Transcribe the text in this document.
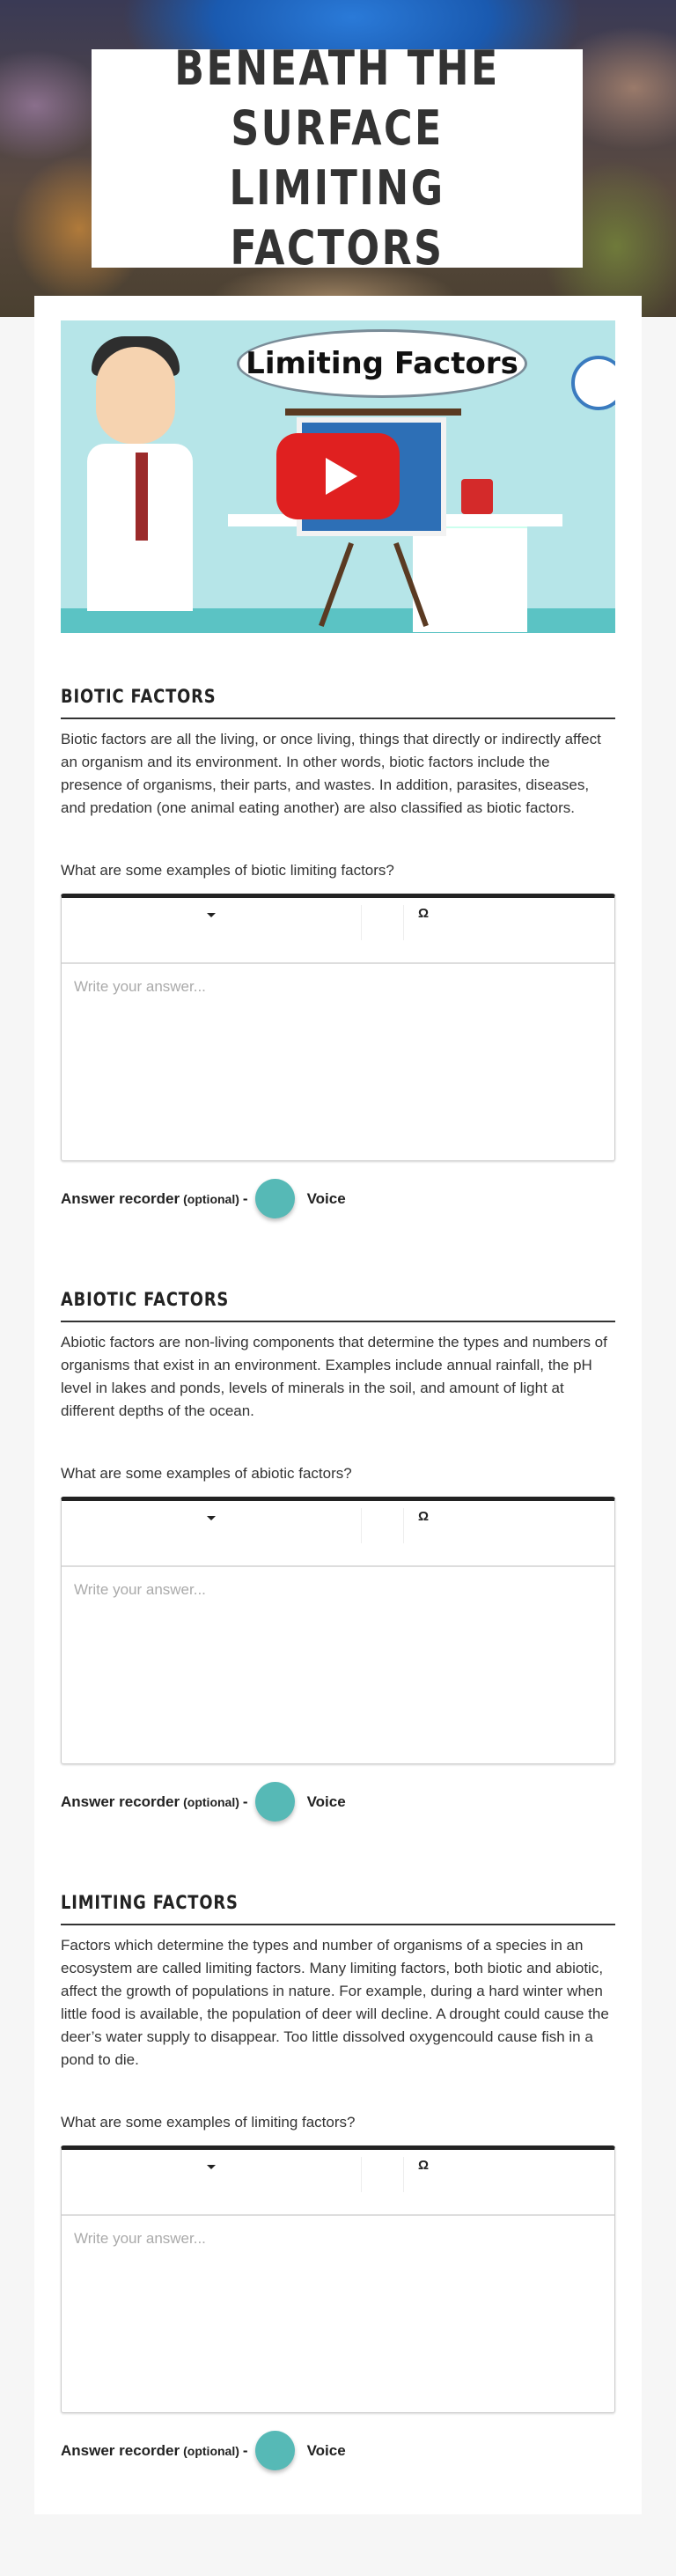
BENEATH THE
SURFACE LIMITING
FACTORS
Limiting Factors
BIOTIC FACTORS

Biotic factors are all the living, or once living, things that directly or indirectly affect an organism and its environment. In other words, biotic factors include the presence of organisms, their parts, and wastes. In addition, parasites, diseases, and predation (one animal eating another) are also classified as biotic factors.

What are some examples of biotic limiting factors?

Ω
Write your answer...
Answer recorder (optional) -	Voice
ABIOTIC FACTORS

Abiotic factors are non-living components that determine the types and numbers of organisms that exist in an environment. Examples include annual rainfall, the pH level in lakes and ponds, levels of minerals in the soil, and amount of light at different depths of the ocean.

What are some examples of abiotic factors?

Ω
Write your answer...
Answer recorder (optional) -	Voice
LIMITING FACTORS

Factors which determine the types and number of organisms of a species in an ecosystem are called limiting factors. Many limiting factors, both biotic and abiotic, affect the growth of populations in nature. For example, during a hard winter when little food is available, the population of deer will decline. A drought could cause the deer’s water supply to disappear. Too little dissolved oxygencould cause fish in a pond to die.

What are some examples of limiting factors?

Ω
Write your answer...
Answer recorder (optional) -	Voice
